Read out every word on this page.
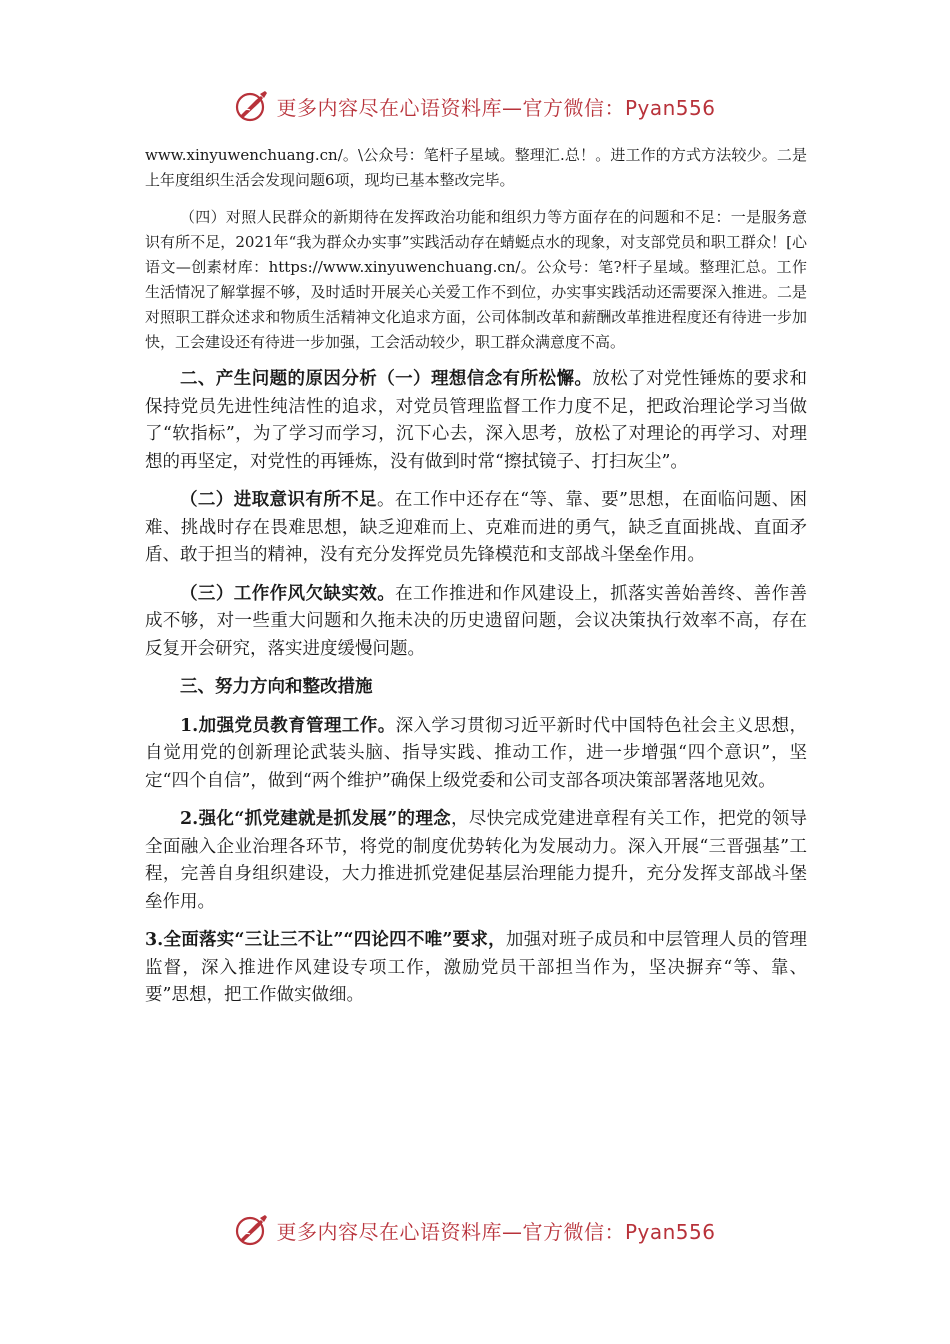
更多内容尽在心语资料库—官方微信：Pyan556

www.xinyuwenchuang.cn/。\公众号：笔杆子星域。整理汇.总！。进工作的方式方法较少。二是上年度组织生活会发现问题6项，现均已基本整改完毕。

（四）对照人民群众的新期待在发挥政治功能和组织力等方面存在的问题和不足：一是服务意识有所不足，2021年“我为群众办实事”实践活动存在蜻蜓点水的现象，对支部党员和职工群众！[心语文—创素材库：https://www.xinyuwenchuang.cn/。公众号：笔?杆子星域。整理汇总。工作生活情况了解掌握不够，及时适时开展关心关爱工作不到位，办实事实践活动还需要深入推进。二是对照职工群众述求和物质生活精神文化追求方面，公司体制改革和薪酬改革推进程度还有待进一步加快，工会建设还有待进一步加强，工会活动较少，职工群众满意度不高。

二、产生问题的原因分析（一）理想信念有所松懈。放松了对党性锤炼的要求和保持党员先进性纯洁性的追求，对党员管理监督工作力度不足，把政治理论学习当做了“软指标”，为了学习而学习，沉下心去，深入思考，放松了对理论的再学习、对理想的再坚定，对党性的再锤炼，没有做到时常“擦拭镜子、打扫灰尘”。

（二）进取意识有所不足。在工作中还存在“等、靠、要”思想，在面临问题、困难、挑战时存在畏难思想，缺乏迎难而上、克难而进的勇气，缺乏直面挑战、直面矛盾、敢于担当的精神，没有充分发挥党员先锋模范和支部战斗堡垒作用。

（三）工作作风欠缺实效。在工作推进和作风建设上，抓落实善始善终、善作善成不够，对一些重大问题和久拖未决的历史遗留问题，会议决策执行效率不高，存在反复开会研究，落实进度缓慢问题。

三、努力方向和整改措施

1.加强党员教育管理工作。深入学习贯彻习近平新时代中国特色社会主义思想，自觉用党的创新理论武装头脑、指导实践、推动工作，进一步增强“四个意识”，坚定“四个自信”，做到“两个维护”确保上级党委和公司支部各项决策部署落地见效。

2.强化“抓党建就是抓发展”的理念，尽快完成党建进章程有关工作，把党的领导全面融入企业治理各环节，将党的制度优势转化为发展动力。深入开展“三晋强基”工程，完善自身组织建设，大力推进抓党建促基层治理能力提升，充分发挥支部战斗堡垒作用。

3.全面落实“三让三不让”“四论四不唯”要求，加强对班子成员和中层管理人员的管理监督，深入推进作风建设专项工作，激励党员干部担当作为，坚决摒弃“等、靠、要”思想，把工作做实做细。

更多内容尽在心语资料库—官方微信：Pyan556
